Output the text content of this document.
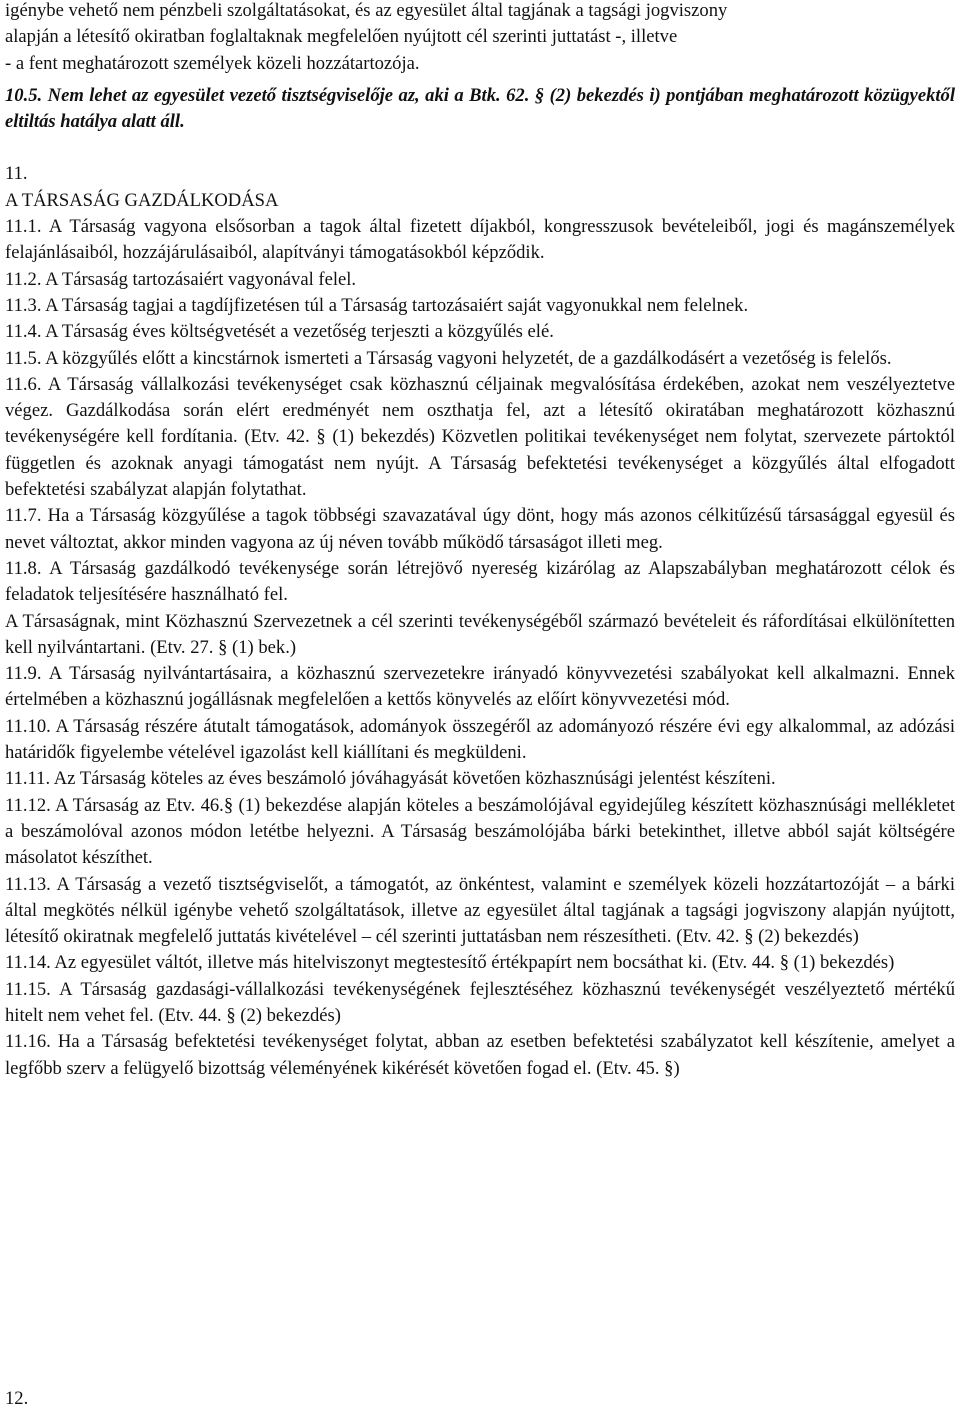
igénybe vehető nem pénzbeli szolgáltatásokat, és az egyesület által tagjának a tagsági jogviszony

alapján a létesítő okiratban foglaltaknak megfelelően nyújtott cél szerinti juttatást -, illetve

- a fent meghatározott személyek közeli hozzátartozója.

10.5. Nem lehet az egyesület vezető tisztségviselője az, aki a Btk. 62. § (2) bekezdés i) pontjában meghatározott közügyektől eltiltás hatálya alatt áll.

11.

A TÁRSASÁG GAZDÁLKODÁSA

11.1. A Társaság vagyona elsősorban a tagok által fizetett díjakból, kongresszusok bevételeiből, jogi és magánszemélyek felajánlásaiból, hozzájárulásaiból, alapítványi támogatásokból képződik.

11.2. A Társaság tartozásaiért vagyonával felel.

11.3. A Társaság tagjai a tagdíjfizetésen túl a Társaság tartozásaiért saját vagyonukkal nem felelnek.

11.4. A Társaság éves költségvetését a vezetőség terjeszti a közgyűlés elé.

11.5. A közgyűlés előtt a kincstárnok ismerteti a Társaság vagyoni helyzetét, de a gazdálkodásért a vezetőség is felelős.

11.6. A Társaság vállalkozási tevékenységet csak közhasznú céljainak megvalósítása érdekében, azokat nem veszélyeztetve végez. Gazdálkodása során elért eredményét nem oszthatja fel, azt a létesítő okiratában meghatározott közhasznú tevékenységére kell fordítania. (Etv. 42. § (1) bekezdés) Közvetlen politikai tevékenységet nem folytat, szervezete pártoktól független és azoknak anyagi támogatást nem nyújt. A Társaság befektetési tevékenységet a közgyűlés által elfogadott befektetési szabályzat alapján folytathat.

11.7. Ha a Társaság közgyűlése a tagok többségi szavazatával úgy dönt, hogy más azonos célkitűzésű társasággal egyesül és nevet változtat, akkor minden vagyona az új néven tovább működő társaságot illeti meg.

11.8. A Társaság gazdálkodó tevékenysége során létrejövő nyereség kizárólag az Alapszabályban meghatározott célok és feladatok teljesítésére használható fel.

A Társaságnak, mint Közhasznú Szervezetnek a cél szerinti tevékenységéből származó bevételeit és ráfordításai elkülönítetten kell nyilvántartani. (Etv. 27. § (1) bek.)

11.9. A Társaság nyilvántartásaira, a közhasznú szervezetekre irányadó könyvvezetési szabályokat kell alkalmazni. Ennek értelmében a közhasznú jogállásnak megfelelően a kettős könyvelés az előírt könyvvezetési mód.

11.10. A Társaság részére átutalt támogatások, adományok összegéről az adományozó részére évi egy alkalommal, az adózási határidők figyelembe vételével igazolást kell kiállítani és megküldeni.

11.11. Az Társaság köteles az éves beszámoló jóváhagyását követően közhasznúsági jelentést készíteni.

11.12. A Társaság az Etv. 46.§ (1) bekezdése alapján köteles a beszámolójával egyidejűleg készített közhasznúsági mellékletet a beszámolóval azonos módon letétbe helyezni. A Társaság beszámolójába bárki betekinthet, illetve abból saját költségére másolatot készíthet.

11.13. A Társaság a vezető tisztségviselőt, a támogatót, az önkéntest, valamint e személyek közeli hozzátartozóját – a bárki által megkötés nélkül igénybe vehető szolgáltatások, illetve az egyesület által tagjának a tagsági jogviszony alapján nyújtott, létesítő okiratnak megfelelő juttatás kivételével – cél szerinti juttatásban nem részesítheti. (Etv. 42. § (2) bekezdés)

11.14. Az egyesület váltót, illetve más hitelviszonyt megtestesítő értékpapírt nem bocsáthat ki. (Etv. 44. § (1) bekezdés)

11.15. A Társaság gazdasági-vállalkozási tevékenységének fejlesztéséhez közhasznú tevékenységét veszélyeztető mértékű hitelt nem vehet fel. (Etv. 44. § (2) bekezdés)

11.16. Ha a Társaság befektetési tevékenységet folytat, abban az esetben befektetési szabályzatot kell készítenie, amelyet a legfőbb szerv a felügyelő bizottság véleményének kikérését követően fogad el. (Etv. 45. §)

12.
